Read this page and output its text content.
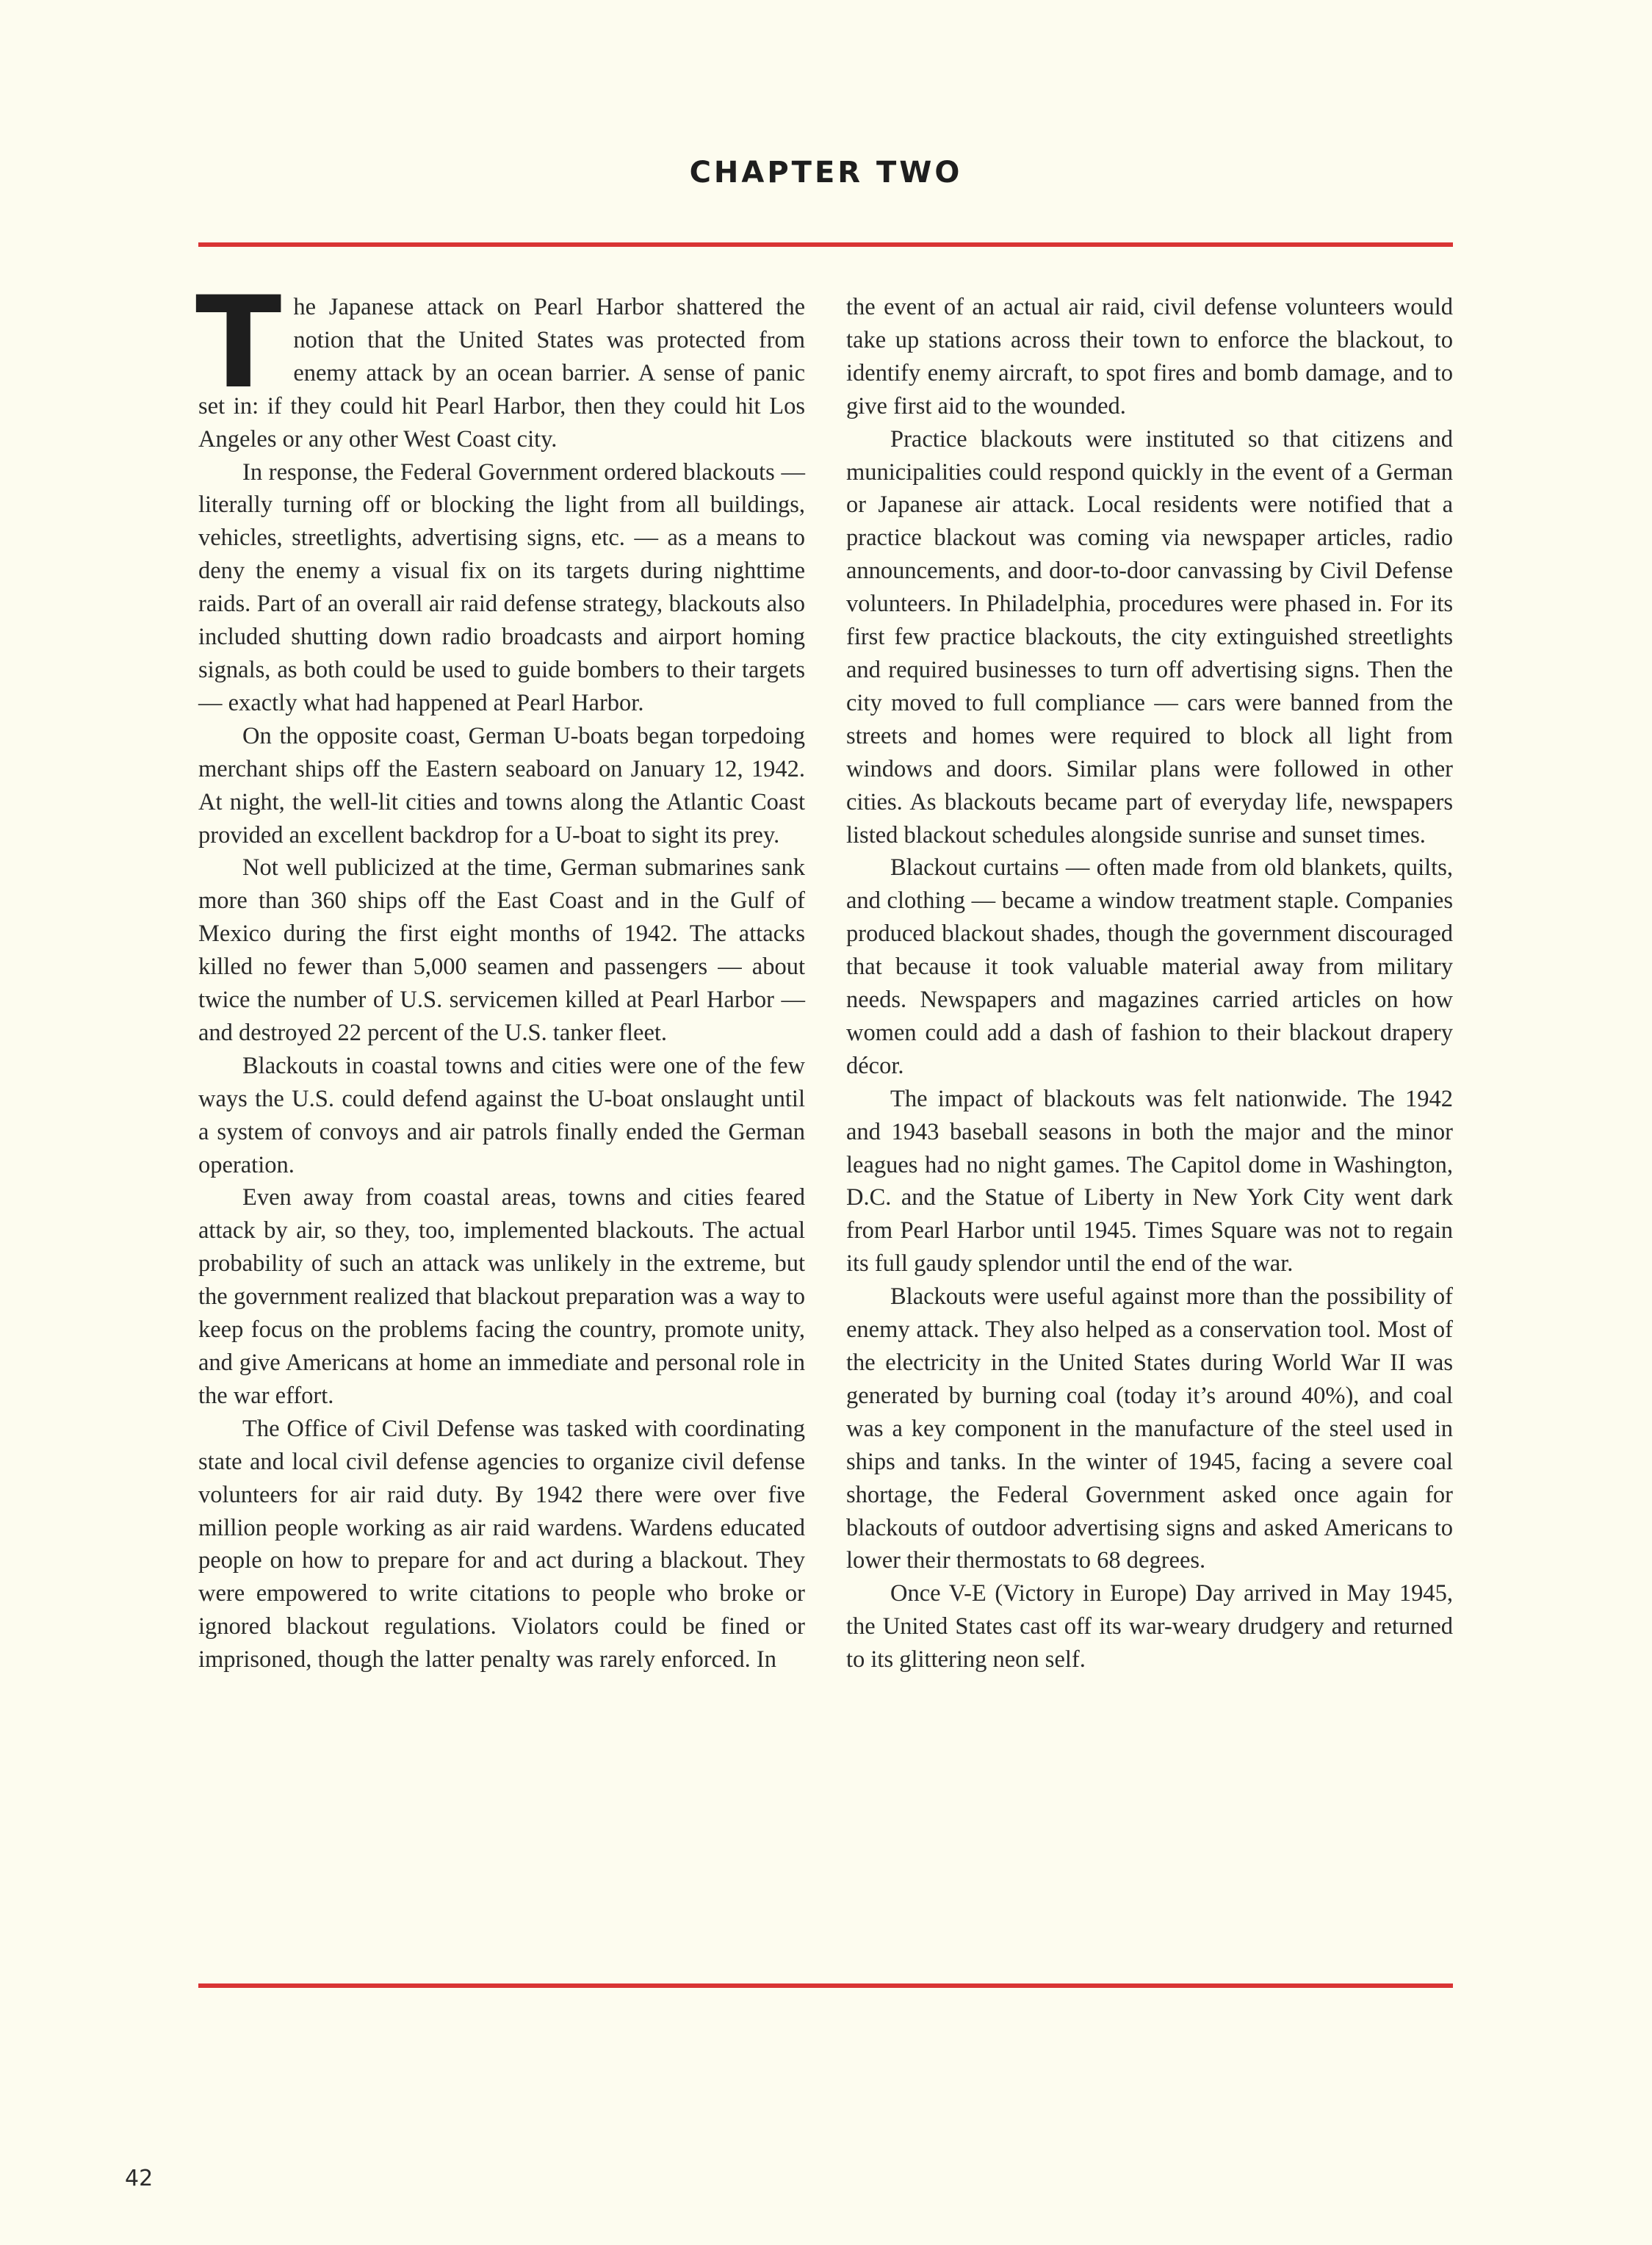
CHAPTER TWO

The Japanese attack on Pearl Harbor shattered the notion that the United States was protected from enemy attack by an ocean barrier. A sense of panic set in: if they could hit Pearl Harbor, then they could hit Los Angeles or any other West Coast city.

In response, the Federal Government ordered blackouts — literally turning off or blocking the light from all buildings, vehicles, streetlights, advertising signs, etc. — as a means to deny the enemy a visual fix on its targets during nighttime raids. Part of an overall air raid defense strategy, blackouts also included shutting down radio broadcasts and airport homing signals, as both could be used to guide bombers to their targets — exactly what had happened at Pearl Harbor.

On the opposite coast, German U-boats began torpedoing merchant ships off the Eastern seaboard on January 12, 1942. At night, the well-lit cities and towns along the Atlantic Coast provided an excellent backdrop for a U-boat to sight its prey.

Not well publicized at the time, German submarines sank more than 360 ships off the East Coast and in the Gulf of Mexico during the first eight months of 1942. The attacks killed no fewer than 5,000 seamen and passengers — about twice the number of U.S. servicemen killed at Pearl Harbor — and destroyed 22 percent of the U.S. tanker fleet.

Blackouts in coastal towns and cities were one of the few ways the U.S. could defend against the U-boat onslaught until a system of convoys and air patrols finally ended the German operation.

Even away from coastal areas, towns and cities feared attack by air, so they, too, implemented blackouts. The actual probability of such an attack was unlikely in the extreme, but the government realized that blackout preparation was a way to keep focus on the problems facing the country, promote unity, and give Americans at home an immediate and personal role in the war effort.

The Office of Civil Defense was tasked with coordinating state and local civil defense agencies to organize civil defense volunteers for air raid duty. By 1942 there were over five million people working as air raid wardens. Wardens educated people on how to prepare for and act during a blackout. They were empowered to write citations to people who broke or ignored blackout regulations. Violators could be fined or imprisoned, though the latter penalty was rarely enforced. In

the event of an actual air raid, civil defense volunteers would take up stations across their town to enforce the blackout, to identify enemy aircraft, to spot fires and bomb damage, and to give first aid to the wounded.

Practice blackouts were instituted so that citizens and municipalities could respond quickly in the event of a German or Japanese air attack. Local residents were notified that a practice blackout was coming via newspaper articles, radio announcements, and door-to-door canvassing by Civil Defense volunteers. In Philadelphia, procedures were phased in. For its first few practice blackouts, the city extinguished streetlights and required businesses to turn off advertising signs. Then the city moved to full compliance — cars were banned from the streets and homes were required to block all light from windows and doors. Similar plans were followed in other cities. As blackouts became part of everyday life, newspapers listed blackout schedules alongside sunrise and sunset times.

Blackout curtains — often made from old blankets, quilts, and clothing — became a window treatment staple. Companies produced blackout shades, though the government discouraged that because it took valuable material away from military needs. Newspapers and magazines carried articles on how women could add a dash of fashion to their blackout drapery décor.

The impact of blackouts was felt nationwide. The 1942 and 1943 baseball seasons in both the major and the minor leagues had no night games. The Capitol dome in Washington, D.C. and the Statue of Liberty in New York City went dark from Pearl Harbor until 1945. Times Square was not to regain its full gaudy splendor until the end of the war.

Blackouts were useful against more than the possibility of enemy attack. They also helped as a conservation tool. Most of the electricity in the United States during World War II was generated by burning coal (today it’s around 40%), and coal was a key component in the manufacture of the steel used in ships and tanks. In the winter of 1945, facing a severe coal shortage, the Federal Government asked once again for blackouts of outdoor advertising signs and asked Americans to lower their thermostats to 68 degrees.

Once V-E (Victory in Europe) Day arrived in May 1945, the United States cast off its war-weary drudgery and returned to its glittering neon self.

42
